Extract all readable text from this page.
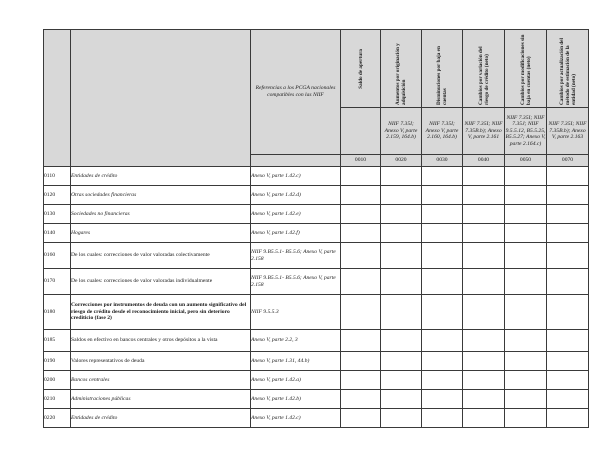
		Referencias a los PCGA nacionales compatibles con las NIIF	Saldo de apertura	Aumentos por originación y adquisición	Disminuciones por baja en cuentas	Cambios por variación del riesgo de crédito (neto)	Cambios por modificaciones sin baja en cuentas (neto)	Cambios por actualización del método de estimación de la entidad (neto)

				NIIF 7.35I; Anexo V, parte 2.159, 164.b)	NIIF 7.35I; Anexo V, parte 2.160, 164.b)	NIIF 7.35I; NIIF 7.35B.b); Anexo V, parte 2.161	NIIF 7.35I; NIIF 7.35J; NIIF 9.5.5.12, B5.5.25, B5.5.27; Anexo V, parte 2.164.c)	NIIF 7.35I; NIIF 7.35B.b); Anexo V, parte 2.163
			0010	0020	0030	0040	0050	0070
0110	Entidades de crédito	Anexo V, parte 1.42.c)						
0120	Otras sociedades financieras	Anexo V, parte 1.42.d)						
0130	Sociedades no financieras	Anexo V, parte 1.42.e)						
0140	Hogares	Anexo V, parte 1.42.f)						
0160	De los cuales: correcciones de valor valoradas colectivamente	NIIF 9.B5.5.1- B5.5.6; Anexo V, parte 2.158						
0170	De los cuales: correcciones de valor valoradas individualmente	NIIF 9.B5.5.1- B5.5.6; Anexo V, parte 2.158						
0180	Correcciones por instrumentos de deuda con un aumento significativo del riesgo de crédito desde el reconocimiento inicial, pero sin deterioro crediticio (fase 2)	NIIF 9.5.5.3						
0185	Saldos en efectivo en bancos centrales y otros depósitos a la vista	Anexo V, parte 2.2, 3						
0190	Valores representativos de deuda	Anexo V, parte 1.31, 44.b)						
0200	Bancos centrales	Anexo V, parte 1.42.a)						
0210	Administraciones públicas	Anexo V, parte 1.42.b)						
0220	Entidades de crédito	Anexo V, parte 1.42.c)						
